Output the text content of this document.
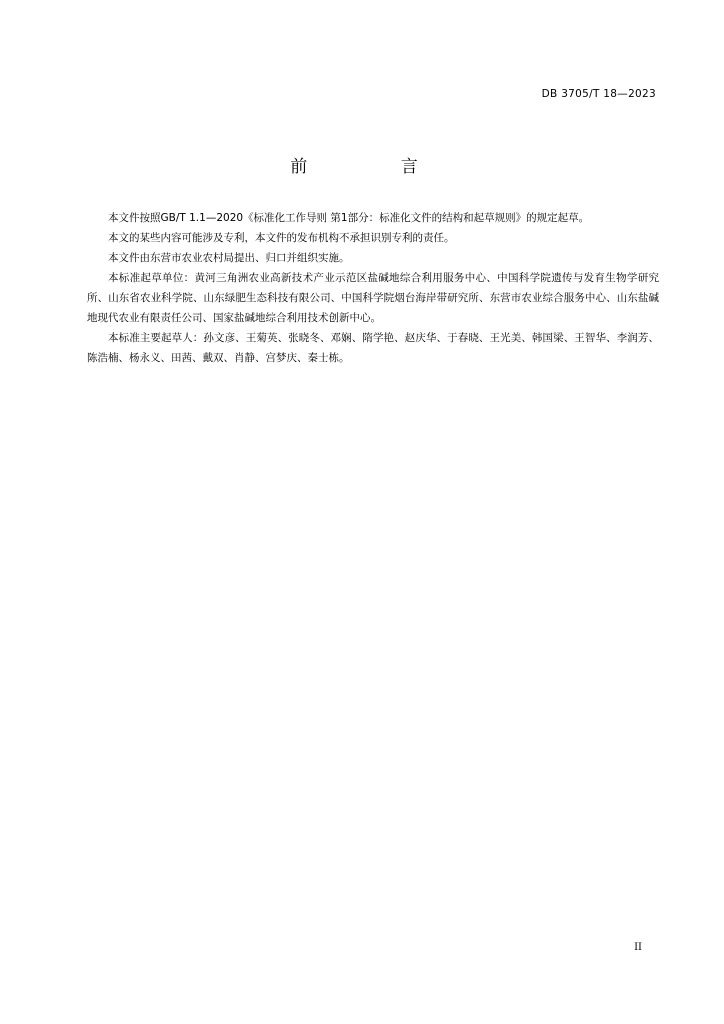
DB 3705/T 18—2023
前 言

本文件按照GB/T 1.1—2020《标准化工作导则 第1部分：标准化文件的结构和起草规则》的规定起草。

本文的某些内容可能涉及专利，本文件的发布机构不承担识别专利的责任。

本文件由东营市农业农村局提出、归口并组织实施。

本标准起草单位：黄河三角洲农业高新技术产业示范区盐碱地综合利用服务中心、中国科学院遗传与发育生物学研究所、山东省农业科学院、山东绿肥生态科技有限公司、中国科学院烟台海岸带研究所、东营市农业综合服务中心、山东盐碱地现代农业有限责任公司、国家盐碱地综合利用技术创新中心。

本标准主要起草人：孙文彦、王菊英、张晓冬、邓娴、隋学艳、赵庆华、于春晓、王光美、韩国梁、王智华、李润芳、陈浩楠、杨永义、田茜、戴双、肖静、宫梦庆、秦士栋。

II
